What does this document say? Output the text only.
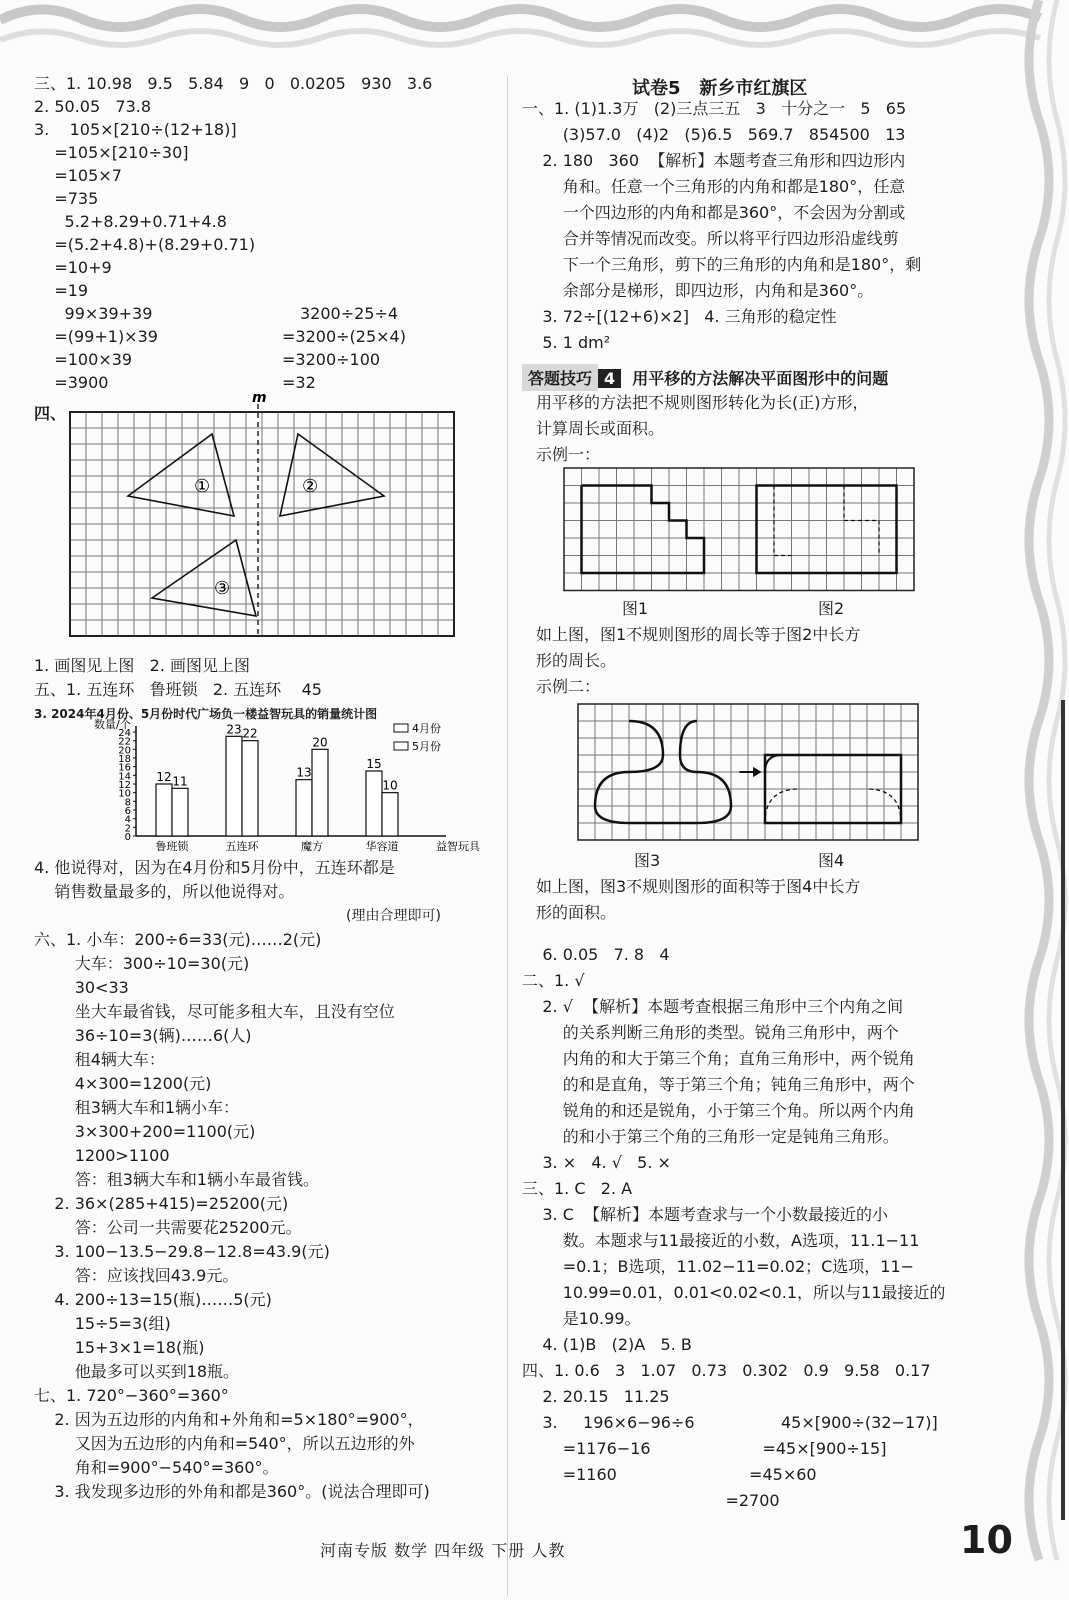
三、1. 10.98   9.5   5.84   9   0   0.0205   930   3.6
2. 50.05   73.8
3.    105×[210÷(12+18)]
=105×[210÷30]
=105×7
=735
5.2+8.29+0.71+4.8
=(5.2+4.8)+(8.29+0.71)
=10+9
=19
99×39+39
=(99+1)×39
=100×39
=3900
3200÷25÷4
=3200÷(25×4)
=3200÷100
=32
四、
m
①	②
③
1. 画图见上图   2. 画图见上图
五、1. 五连环   鲁班锁   2. 五连环    45
3. 2024年4月份、5月份时代广场负一楼益智玩具的销量统计图
数量/个
0
2
4
6
8
10
12
14
16
18
20
22
24
12 11
鲁班锁
23 22
五连环
13
20
魔方
15
10
华容道	益智玩具
4月份
5月份
4. 他说得对，因为在4月份和5月份中，五连环都是
销售数量最多的，所以他说得对。
(理由合理即可)
六、1. 小车：200÷6=33(元)……2(元)
大车：300÷10=30(元)
30<33
坐大车最省钱，尽可能多租大车，且没有空位
36÷10=3(辆)……6(人)
租4辆大车：
4×300=1200(元)
租3辆大车和1辆小车：
3×300+200=1100(元)
1200>1100
答：租3辆大车和1辆小车最省钱。
2. 36×(285+415)=25200(元)
答：公司一共需要花25200元。
3. 100−13.5−29.8−12.8=43.9(元)
答：应该找回43.9元。
4. 200÷13=15(瓶)……5(元)
15÷5=3(组)
15+3×1=18(瓶)
他最多可以买到18瓶。
七、1. 720°−360°=360°
2. 因为五边形的内角和+外角和=5×180°=900°，
又因为五边形的内角和=540°，所以五边形的外
角和=900°−540°=360°。
3. 我发现多边形的外角和都是360°。(说法合理即可)
试卷5   新乡市红旗区
一、1. (1)1.3万   (2)三点三五   3   十分之一   5   65
(3)57.0   (4)2   (5)6.5   569.7   854500   13
2. 180   360  【解析】本题考查三角形和四边形内
角和。任意一个三角形的内角和都是180°，任意
一个四边形的内角和都是360°，不会因为分割或
合并等情况而改变。所以将平行四边形沿虚线剪
下一个三角形，剪下的三角形的内角和是180°，剩
余部分是梯形，即四边形，内角和是360°。
3. 72÷[(12+6)×2]   4. 三角形的稳定性
5. 1 dm²
答题技巧 4 用平移的方法解决平面图形中的问题
用平移的方法把不规则图形转化为长(正)方形，
计算周长或面积。
示例一：
图1	图2
如上图，图1不规则图形的周长等于图2中长方
形的周长。
示例二：
图3	图4
如上图，图3不规则图形的面积等于图4中长方
形的面积。
6. 0.05   7. 8   4
二、1. √
2. √  【解析】本题考查根据三角形中三个内角之间
的关系判断三角形的类型。锐角三角形中，两个
内角的和大于第三个角；直角三角形中，两个锐角
的和是直角，等于第三个角；钝角三角形中，两个
锐角的和还是锐角，小于第三个角。所以两个内角
的和小于第三个角的三角形一定是钝角三角形。
3. ×   4. √   5. ×
三、1. C   2. A
3. C  【解析】本题考查求与一个小数最接近的小
数。本题求与11最接近的小数，A选项，11.1−11
=0.1；B选项，11.02−11=0.02；C选项，11−
10.99=0.01，0.01<0.02<0.1，所以与11最接近的
是10.99。
4. (1)B   (2)A   5. B
四、1. 0.6   3   1.07   0.73   0.302   0.9   9.58   0.17
2. 20.15   11.25
3.     196×6−96÷6                 45×[900÷(32−17)]
=1176−16                      =45×[900÷15]
=1160                          =45×60
=2700
河南专版 数学 四年级 下册 人教	10
